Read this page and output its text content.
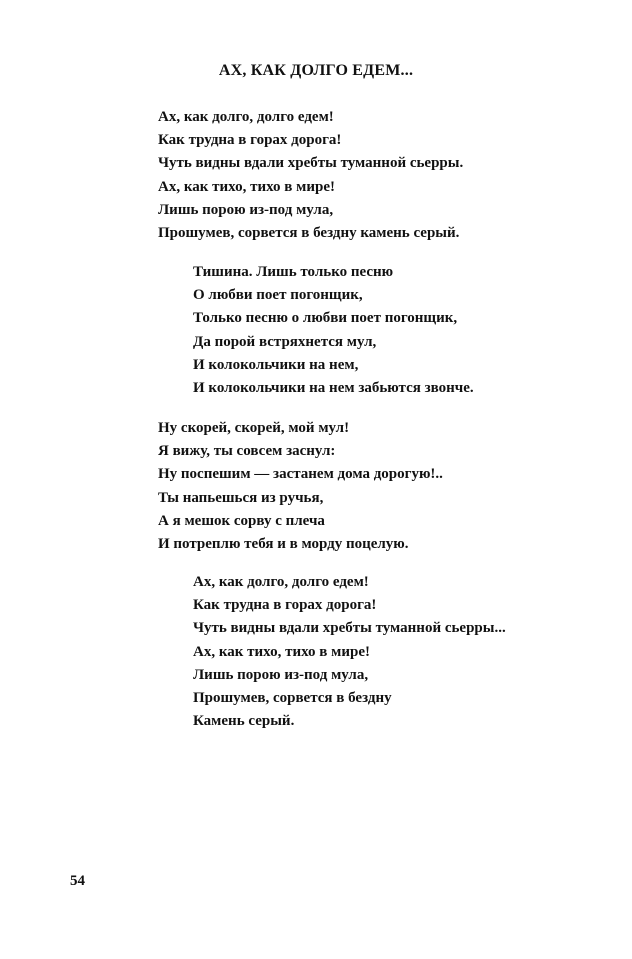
АХ, КАК ДОЛГО ЕДЕМ...
Ах, как долго, долго едем!
Как трудна в горах дорога!
Чуть видны вдали хребты туманной сьерры.
Ах, как тихо, тихо в мире!
Лишь порою из-под мула,
Прошумев, сорвется в бездну камень серый.
Тишина. Лишь только песню
О любви поет погонщик,
Только песню о любви поет погонщик,
Да порой встряхнется мул,
И колокольчики на нем,
И колокольчики на нем забьются звонче.
Ну скорей, скорей, мой мул!
Я вижу, ты совсем заснул:
Ну поспешим — застанем дома дорогую!..
Ты напьешься из ручья,
А я мешок сорву с плеча
И потреплю тебя и в морду поцелую.
Ах, как долго, долго едем!
Как трудна в горах дорога!
Чуть видны вдали хребты туманной сьерры...
Ах, как тихо, тихо в мире!
Лишь порою из-под мула,
Прошумев, сорвется в бездну
Камень серый.

54
